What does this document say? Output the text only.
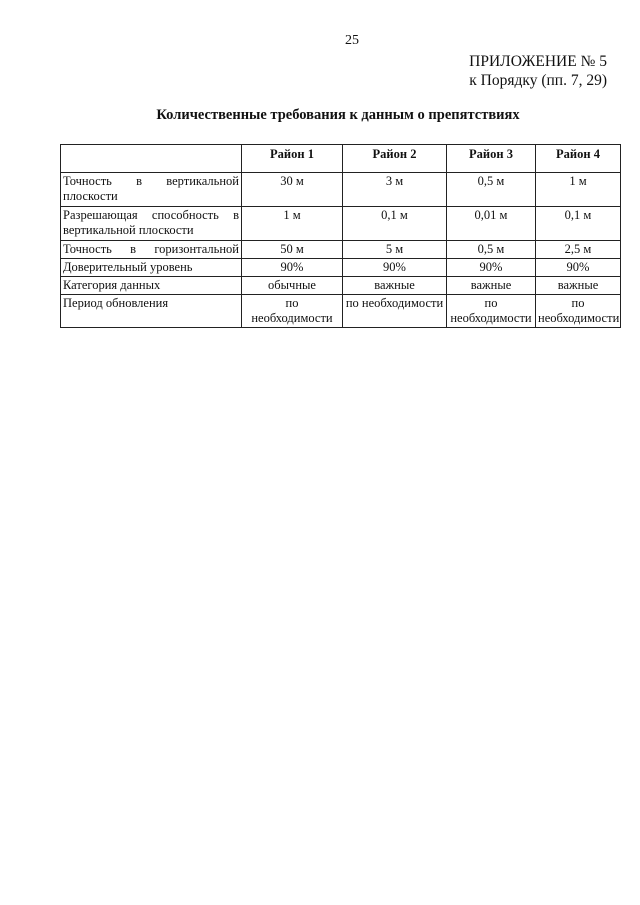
25
ПРИЛОЖЕНИЕ № 5
к Порядку (пп. 7, 29)
Количественные требования к данным о препятствиях
	Район 1	Район 2	Район 3	Район 4
Точность в вертикальной плоскости	30 м	3 м	0,5 м	1 м
Разрешающая способность в вертикальной плоскости	1 м	0,1 м	0,01 м	0,1 м
Точность в горизонтальной	50 м	5 м	0,5 м	2,5 м
Доверительный уровень	90%	90%	90%	90%
Категория данных	обычные	важные	важные	важные
Период обновления	по необходимости	по необходимости	по необходимости	по необходимости
